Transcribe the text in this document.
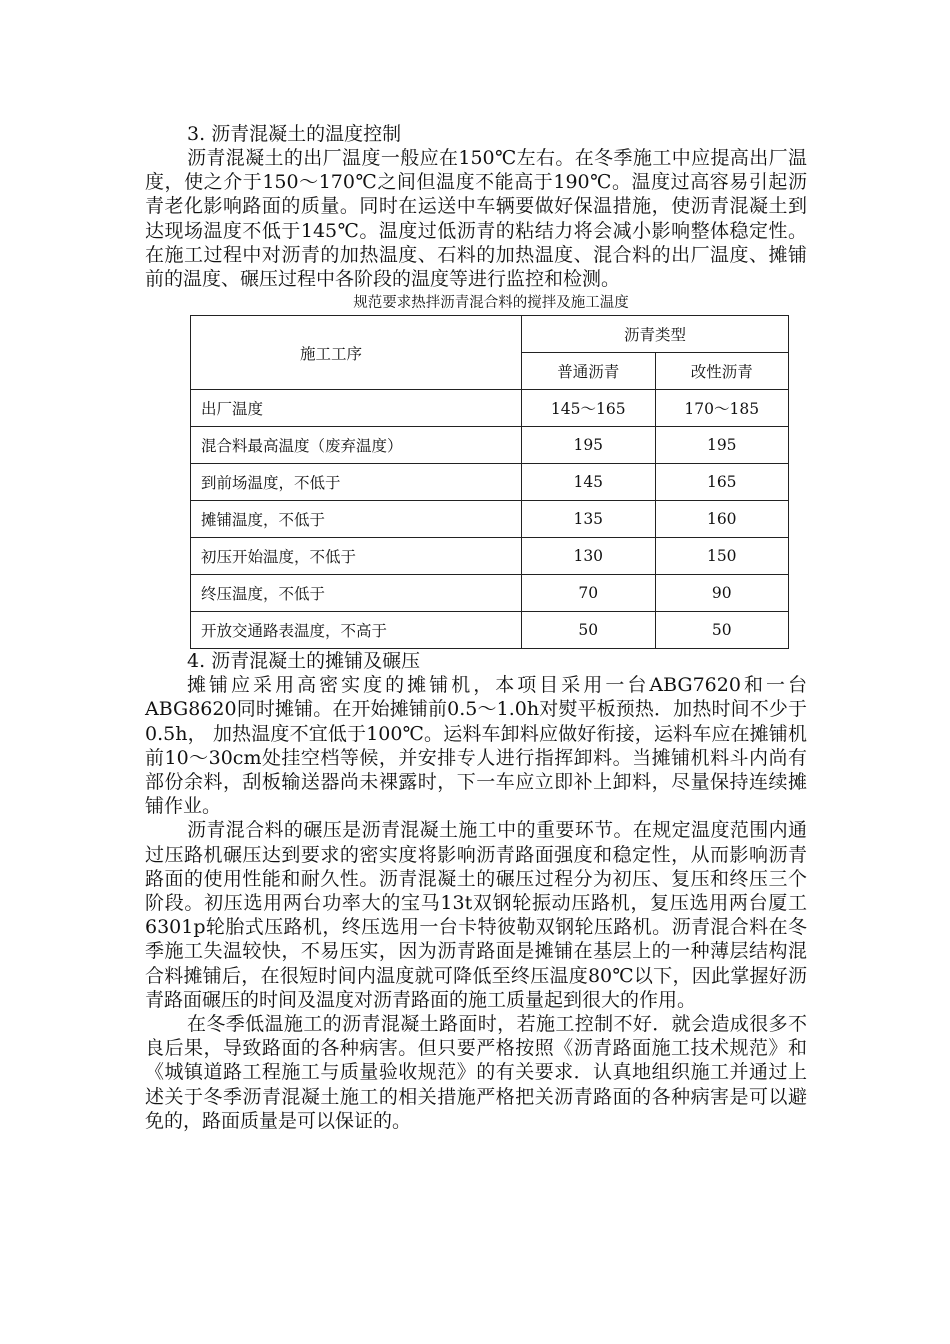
3. 沥青混凝土的温度控制

沥青混凝土的出厂温度一般应在150℃左右。在冬季施工中应提高出厂温度，使之介于150～170℃之间但温度不能高于190℃。温度过高容易引起沥青老化影响路面的质量。同时在运送中车辆要做好保温措施，使沥青混凝土到达现场温度不低于145℃。温度过低沥青的粘结力将会减小影响整体稳定性。在施工过程中对沥青的加热温度、石料的加热温度、混合料的出厂温度、摊铺前的温度、碾压过程中各阶段的温度等进行监控和检测。

规范要求热拌沥青混合料的搅拌及施工温度
施工工序	沥青类型	
	普通沥青	改性沥青
出厂温度	145～165	170～185
混合料最高温度（废弃温度）	195	195
到前场温度，不低于	145	165
摊铺温度，不低于	135	160
初压开始温度，不低于	130	150
终压温度，不低于	70	90
开放交通路表温度，不高于	50	50
4. 沥青混凝土的摊铺及碾压

摊铺应采用高密实度的摊铺机，本项目采用一台ABG7620和一台ABG8620同时摊铺。在开始摊铺前0.5～1.0h对熨平板预热．加热时间不少于0.5h， 加热温度不宜低于100℃。运料车卸料应做好衔接，运料车应在摊铺机前10～30cm处挂空档等候，并安排专人进行指挥卸料。当摊铺机料斗内尚有部份余料，刮板输送器尚未裸露时，下一车应立即补上卸料，尽量保持连续摊铺作业。

沥青混合料的碾压是沥青混凝土施工中的重要环节。在规定温度范围内通过压路机碾压达到要求的密实度将影响沥青路面强度和稳定性，从而影响沥青路面的使用性能和耐久性。沥青混凝土的碾压过程分为初压、复压和终压三个阶段。初压选用两台功率大的宝马13t双钢轮振动压路机，复压选用两台厦工6301p轮胎式压路机，终压选用一台卡特彼勒双钢轮压路机。沥青混合料在冬季施工失温较快，不易压实，因为沥青路面是摊铺在基层上的一种薄层结构混合料摊铺后，在很短时间内温度就可降低至终压温度80℃以下，因此掌握好沥青路面碾压的时间及温度对沥青路面的施工质量起到很大的作用。

在冬季低温施工的沥青混凝土路面时，若施工控制不好．就会造成很多不良后果，导致路面的各种病害。但只要严格按照《沥青路面施工技术规范》和《城镇道路工程施工与质量验收规范》的有关要求．认真地组织施工并通过上述关于冬季沥青混凝土施工的相关措施严格把关沥青路面的各种病害是可以避免的，路面质量是可以保证的。
